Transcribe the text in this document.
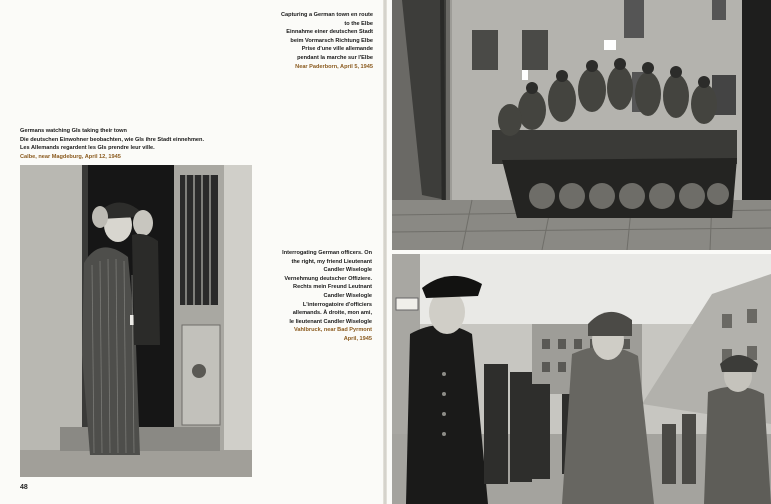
Capturing a German town en route
to the Elbe
Einnahme einer deutschen Stadt
beim Vormarsch Richtung Elbe
Prise d'une ville allemande
pendant la marche sur l'Elbe
Near Paderborn, April 5, 1945
Germans watching GIs taking their town
Die deutschen Einwohner beobachten, wie GIs ihre Stadt einnehmen.
Les Allemands regardent les GIs prendre leur ville.
Calbe, near Magdeburg, April 12, 1945
Interrogating German officers. On
the right, my friend Lieutenant
Candler Wiselogle
Vernehmung deutscher Offiziere.
Rechts mein Freund Leutnant
Candler Wiselogle
L'interrogatoire d'officiers
allemands. À droite, mon ami,
le lieutenant Candler Wiselogle
Vahlbruck, near Bad Pyrmont
April, 1945
48
